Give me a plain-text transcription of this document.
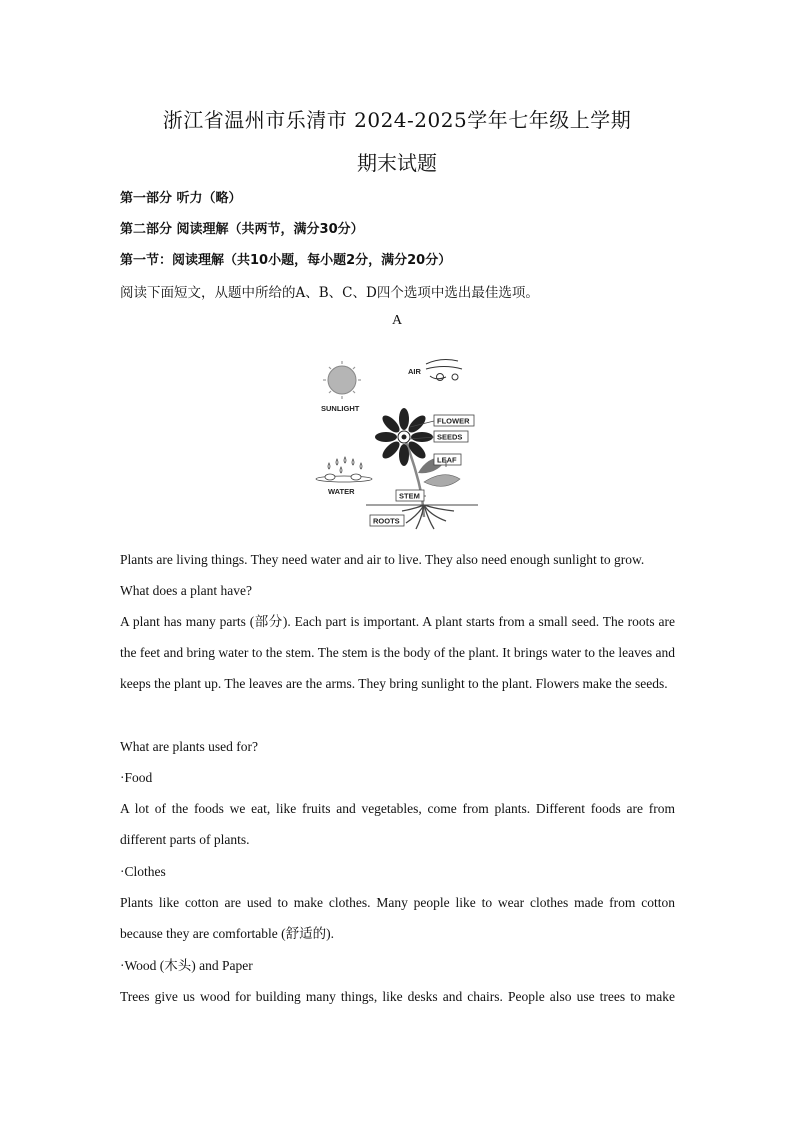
浙江省温州市乐清市 2024-2025学年七年级上学期
期末试题
第一部分 听力（略）
第二部分 阅读理解（共两节，满分30分）
第一节：阅读理解（共10小题，每小题2分，满分20分）
阅读下面短文，从题中所给的A、B、C、D四个选项中选出最佳选项。
A
SUNLIGHT
AIR
WATER
FLOWER
SEEDS
LEAF
STEM
ROOTS

Plants are living things. They need water and air to live. They also need enough sunlight to grow.

What does a plant have?

A plant has many parts (部分). Each part is important. A plant starts from a small seed. The roots are the feet and bring water to the stem. The stem is the body of the plant. It brings water to the leaves and keeps the plant up. The leaves are the arms. They bring sunlight to the plant. Flowers make the seeds.

What are plants used for?

·Food

A lot of the foods we eat, like fruits and vegetables, come from plants. Different foods are from different parts of plants.

·Clothes

Plants like cotton are used to make clothes. Many people like to wear clothes made from cotton because they are comfortable (舒适的).

·Wood (木头) and Paper

Trees give us wood for building many things, like desks and chairs. People also use trees to make
